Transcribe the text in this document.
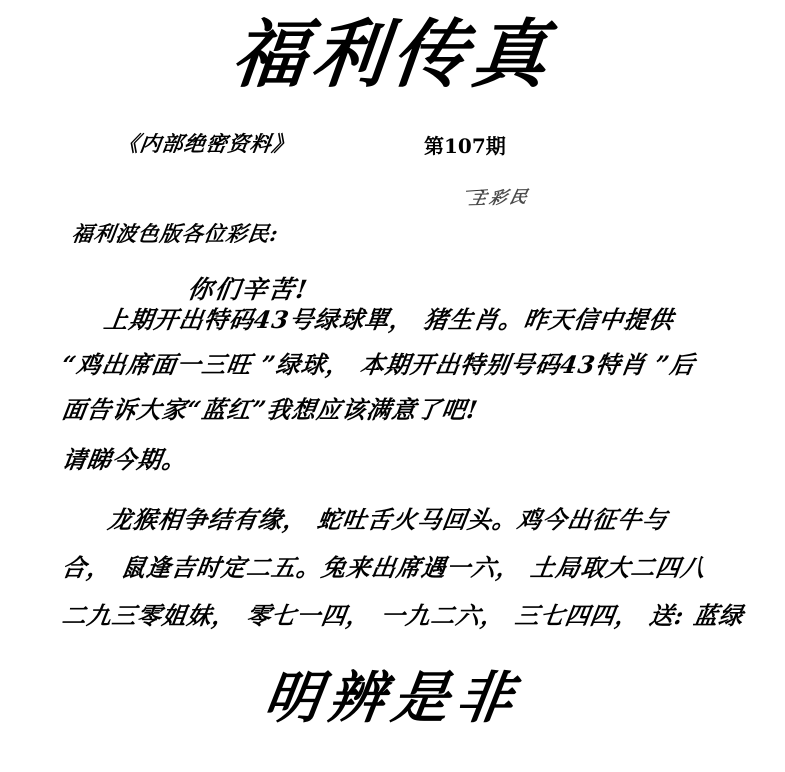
福利传真
《内部绝密资料》	第107期
主彩民
福利波色版各位彩民:
你们辛苦!
上期开出特码43号绿球單， 猪生肖。昨天信中提供
“鸡出席面一三旺 ”绿球， 本期开出特别号码43特肖 ”后
面告诉大家“蓝红”我想应该满意了吧!
请睇今期。
龙猴相争结有缘， 蛇吐舌火马回头。鸡今出征牛与
合， 鼠逢吉时定二五。兔来出席遇一六， 土局取大二四八
二九三零姐妹， 零七一四， 一九二六， 三七四四， 送: 蓝绿
明辨是非
